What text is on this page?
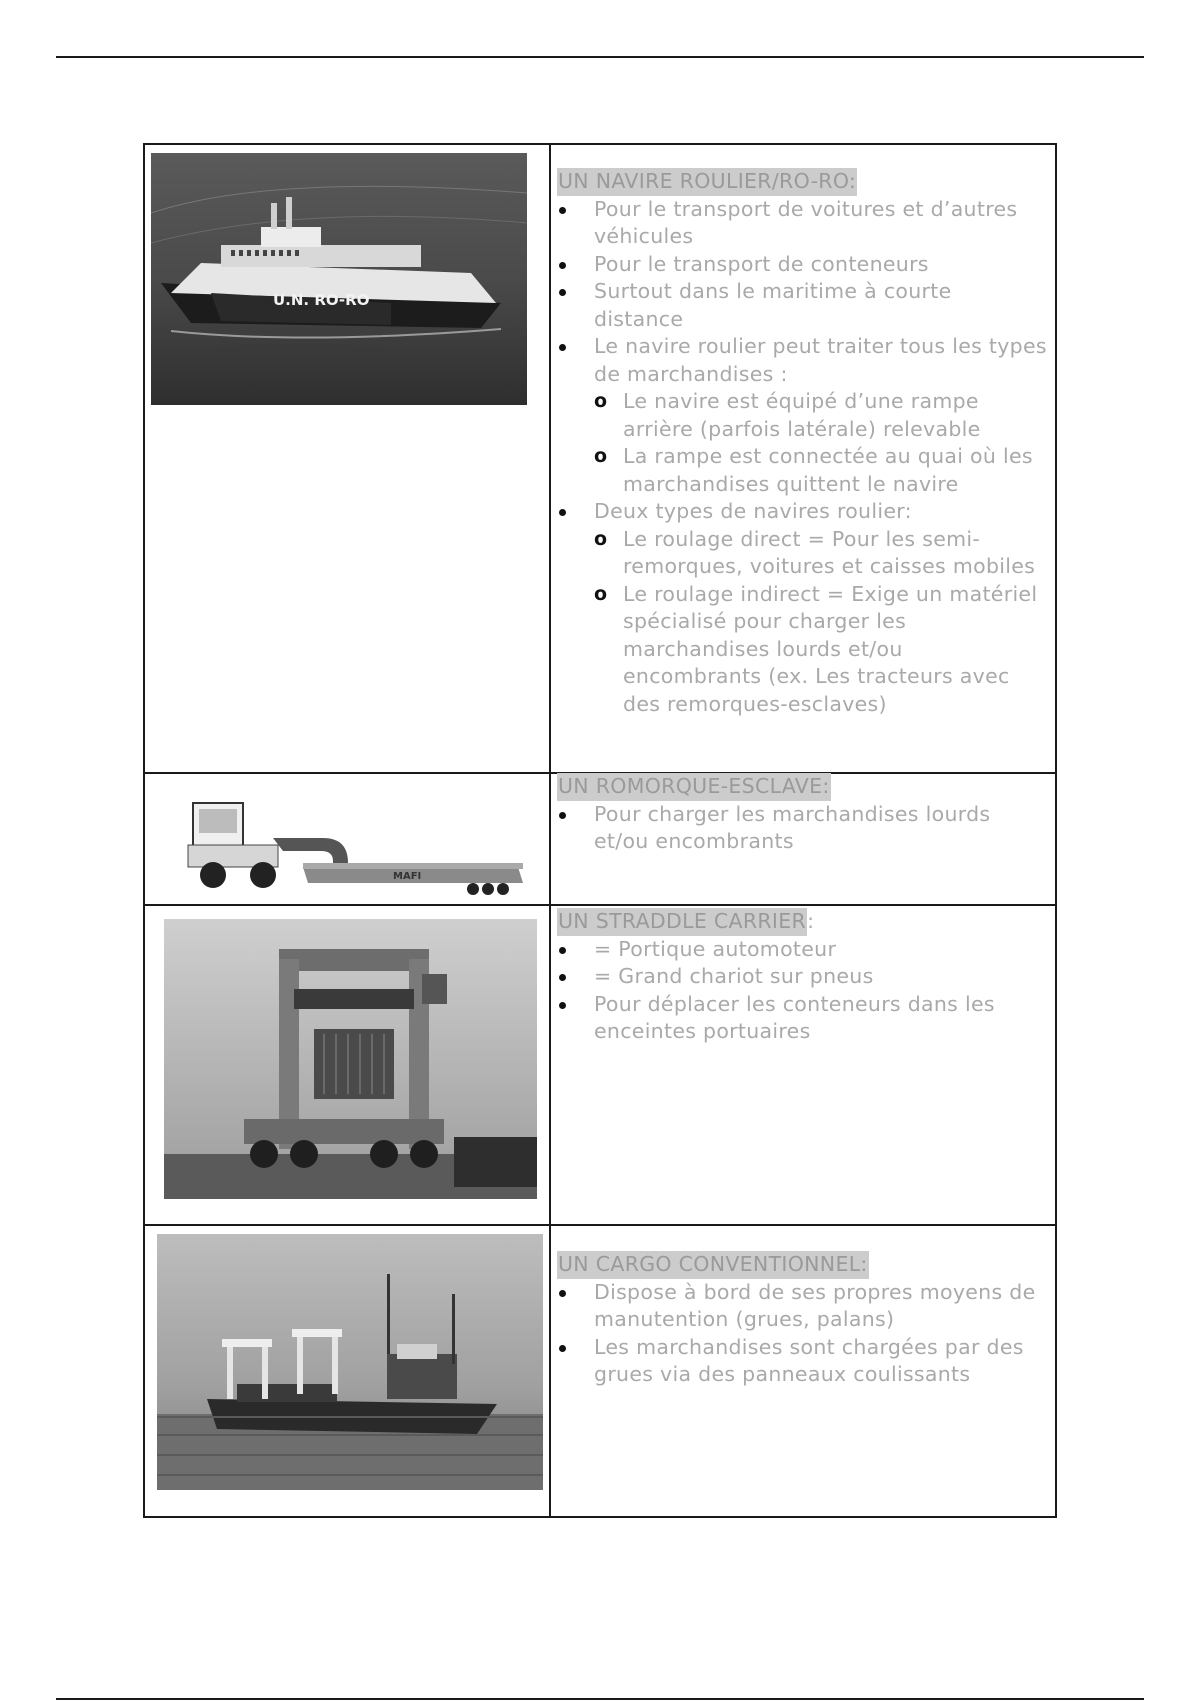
U.N. RO-RO
UN NAVIRE ROULIER/RO-RO:
Pour le transport de voitures et d’autres véhicules
Pour le transport de conteneurs
Surtout dans le maritime à courte distance
Le navire roulier peut traiter tous les types de marchandises :
o Le navire est équipé d’une rampe arrière (parfois latérale) relevable
o La rampe est connectée au quai où les marchandises quittent le navire
Deux types de navires roulier:
o Le roulage direct = Pour les semi-remorques, voitures et caisses mobiles
o Le roulage indirect = Exige un matériel spécialisé pour charger les marchandises lourds et/ou encombrants (ex. Les tracteurs avec des remorques-esclaves)
MAFI
UN ROMORQUE-ESCLAVE:
Pour charger les marchandises lourds et/ou encombrants
UN STRADDLE CARRIER:
= Portique automoteur
= Grand chariot sur pneus
Pour déplacer les conteneurs dans les enceintes portuaires
UN CARGO CONVENTIONNEL:
Dispose à bord de ses propres moyens de manutention (grues, palans)
Les marchandises sont chargées par des grues via des panneaux coulissants
